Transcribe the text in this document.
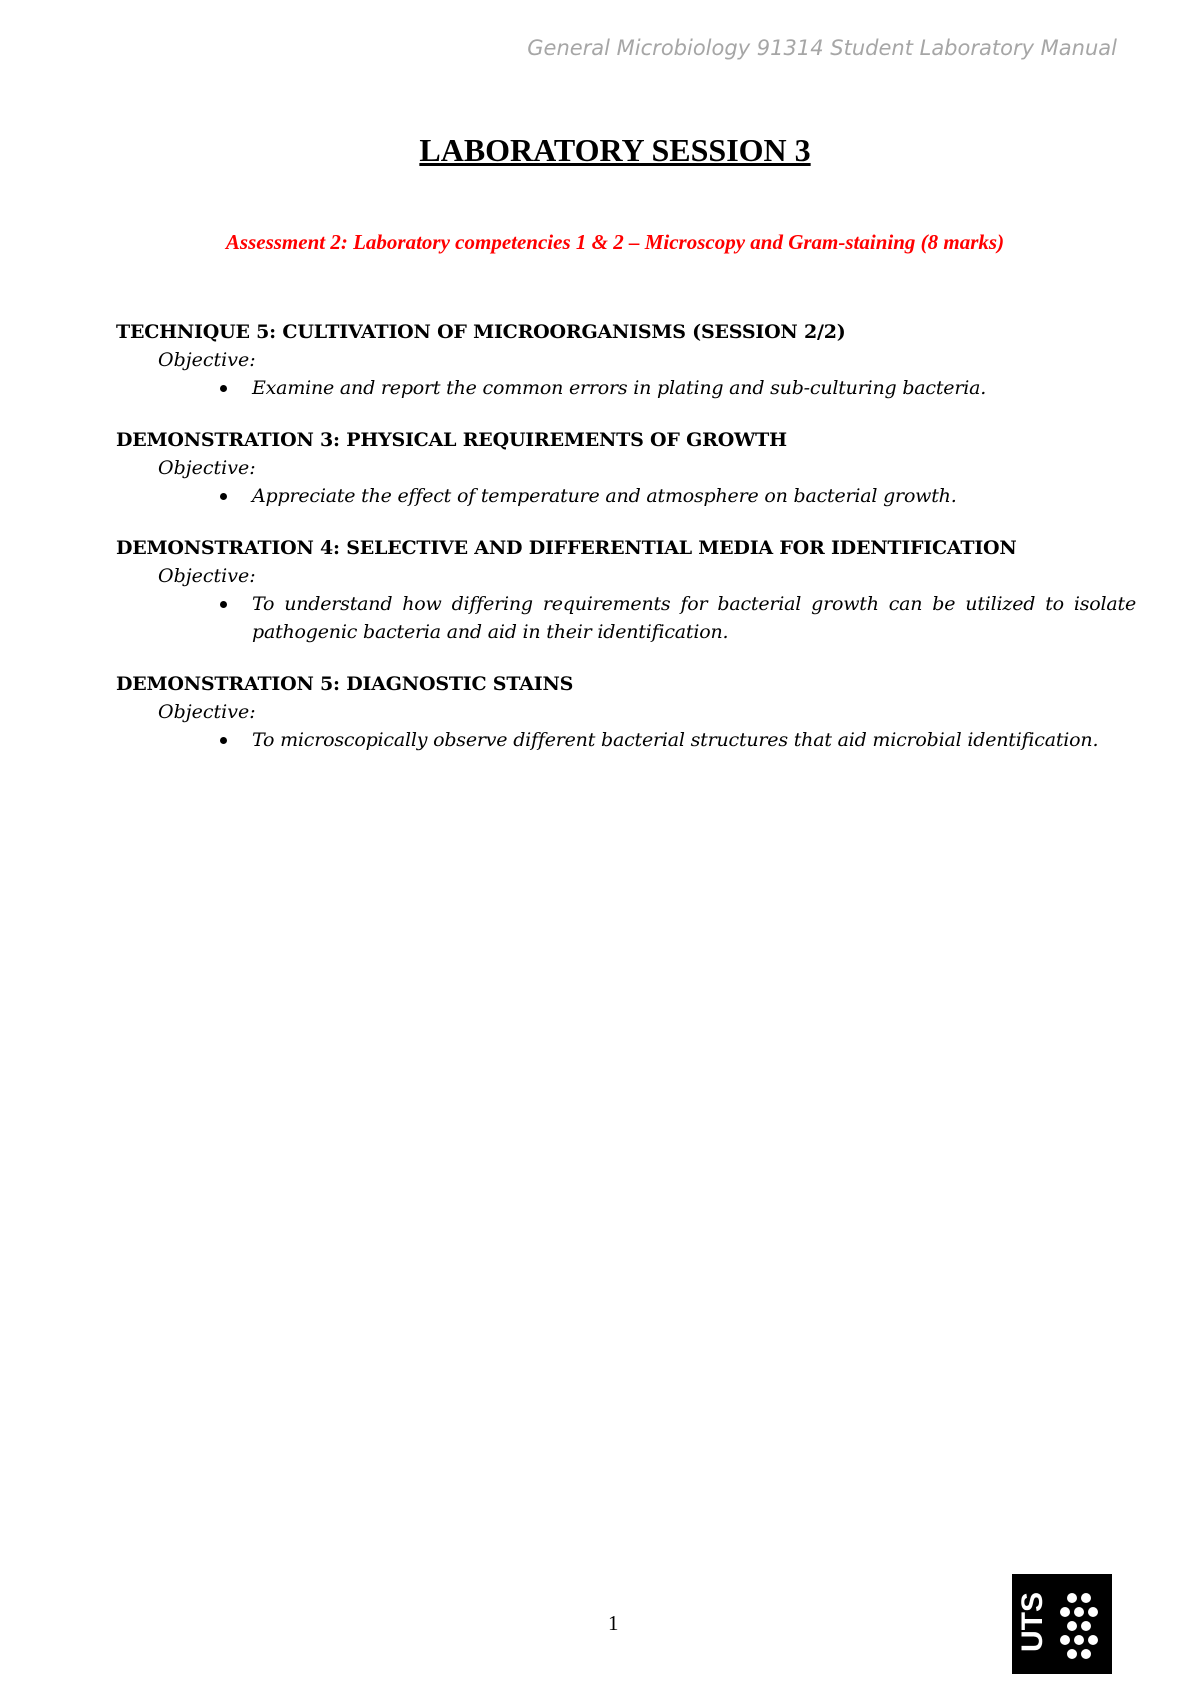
General Microbiology 91314 Student Laboratory Manual
LABORATORY SESSION 3

Assessment 2: Laboratory competencies 1 & 2 – Microscopy and Gram-staining (8 marks)

TECHNIQUE 5: CULTIVATION OF MICROORGANISMS (SESSION 2/2)

Objective:

Examine and report the common errors in plating and sub-culturing bacteria.

DEMONSTRATION 3: PHYSICAL REQUIREMENTS OF GROWTH

Objective:

Appreciate the effect of temperature and atmosphere on bacterial growth.

DEMONSTRATION 4: SELECTIVE AND DIFFERENTIAL MEDIA FOR IDENTIFICATION

Objective:

To understand how differing requirements for bacterial growth can be utilized to isolate pathogenic bacteria and aid in their identification.

DEMONSTRATION 5: DIAGNOSTIC STAINS

Objective:

To microscopically observe different bacterial structures that aid microbial identification.
1	UTS
